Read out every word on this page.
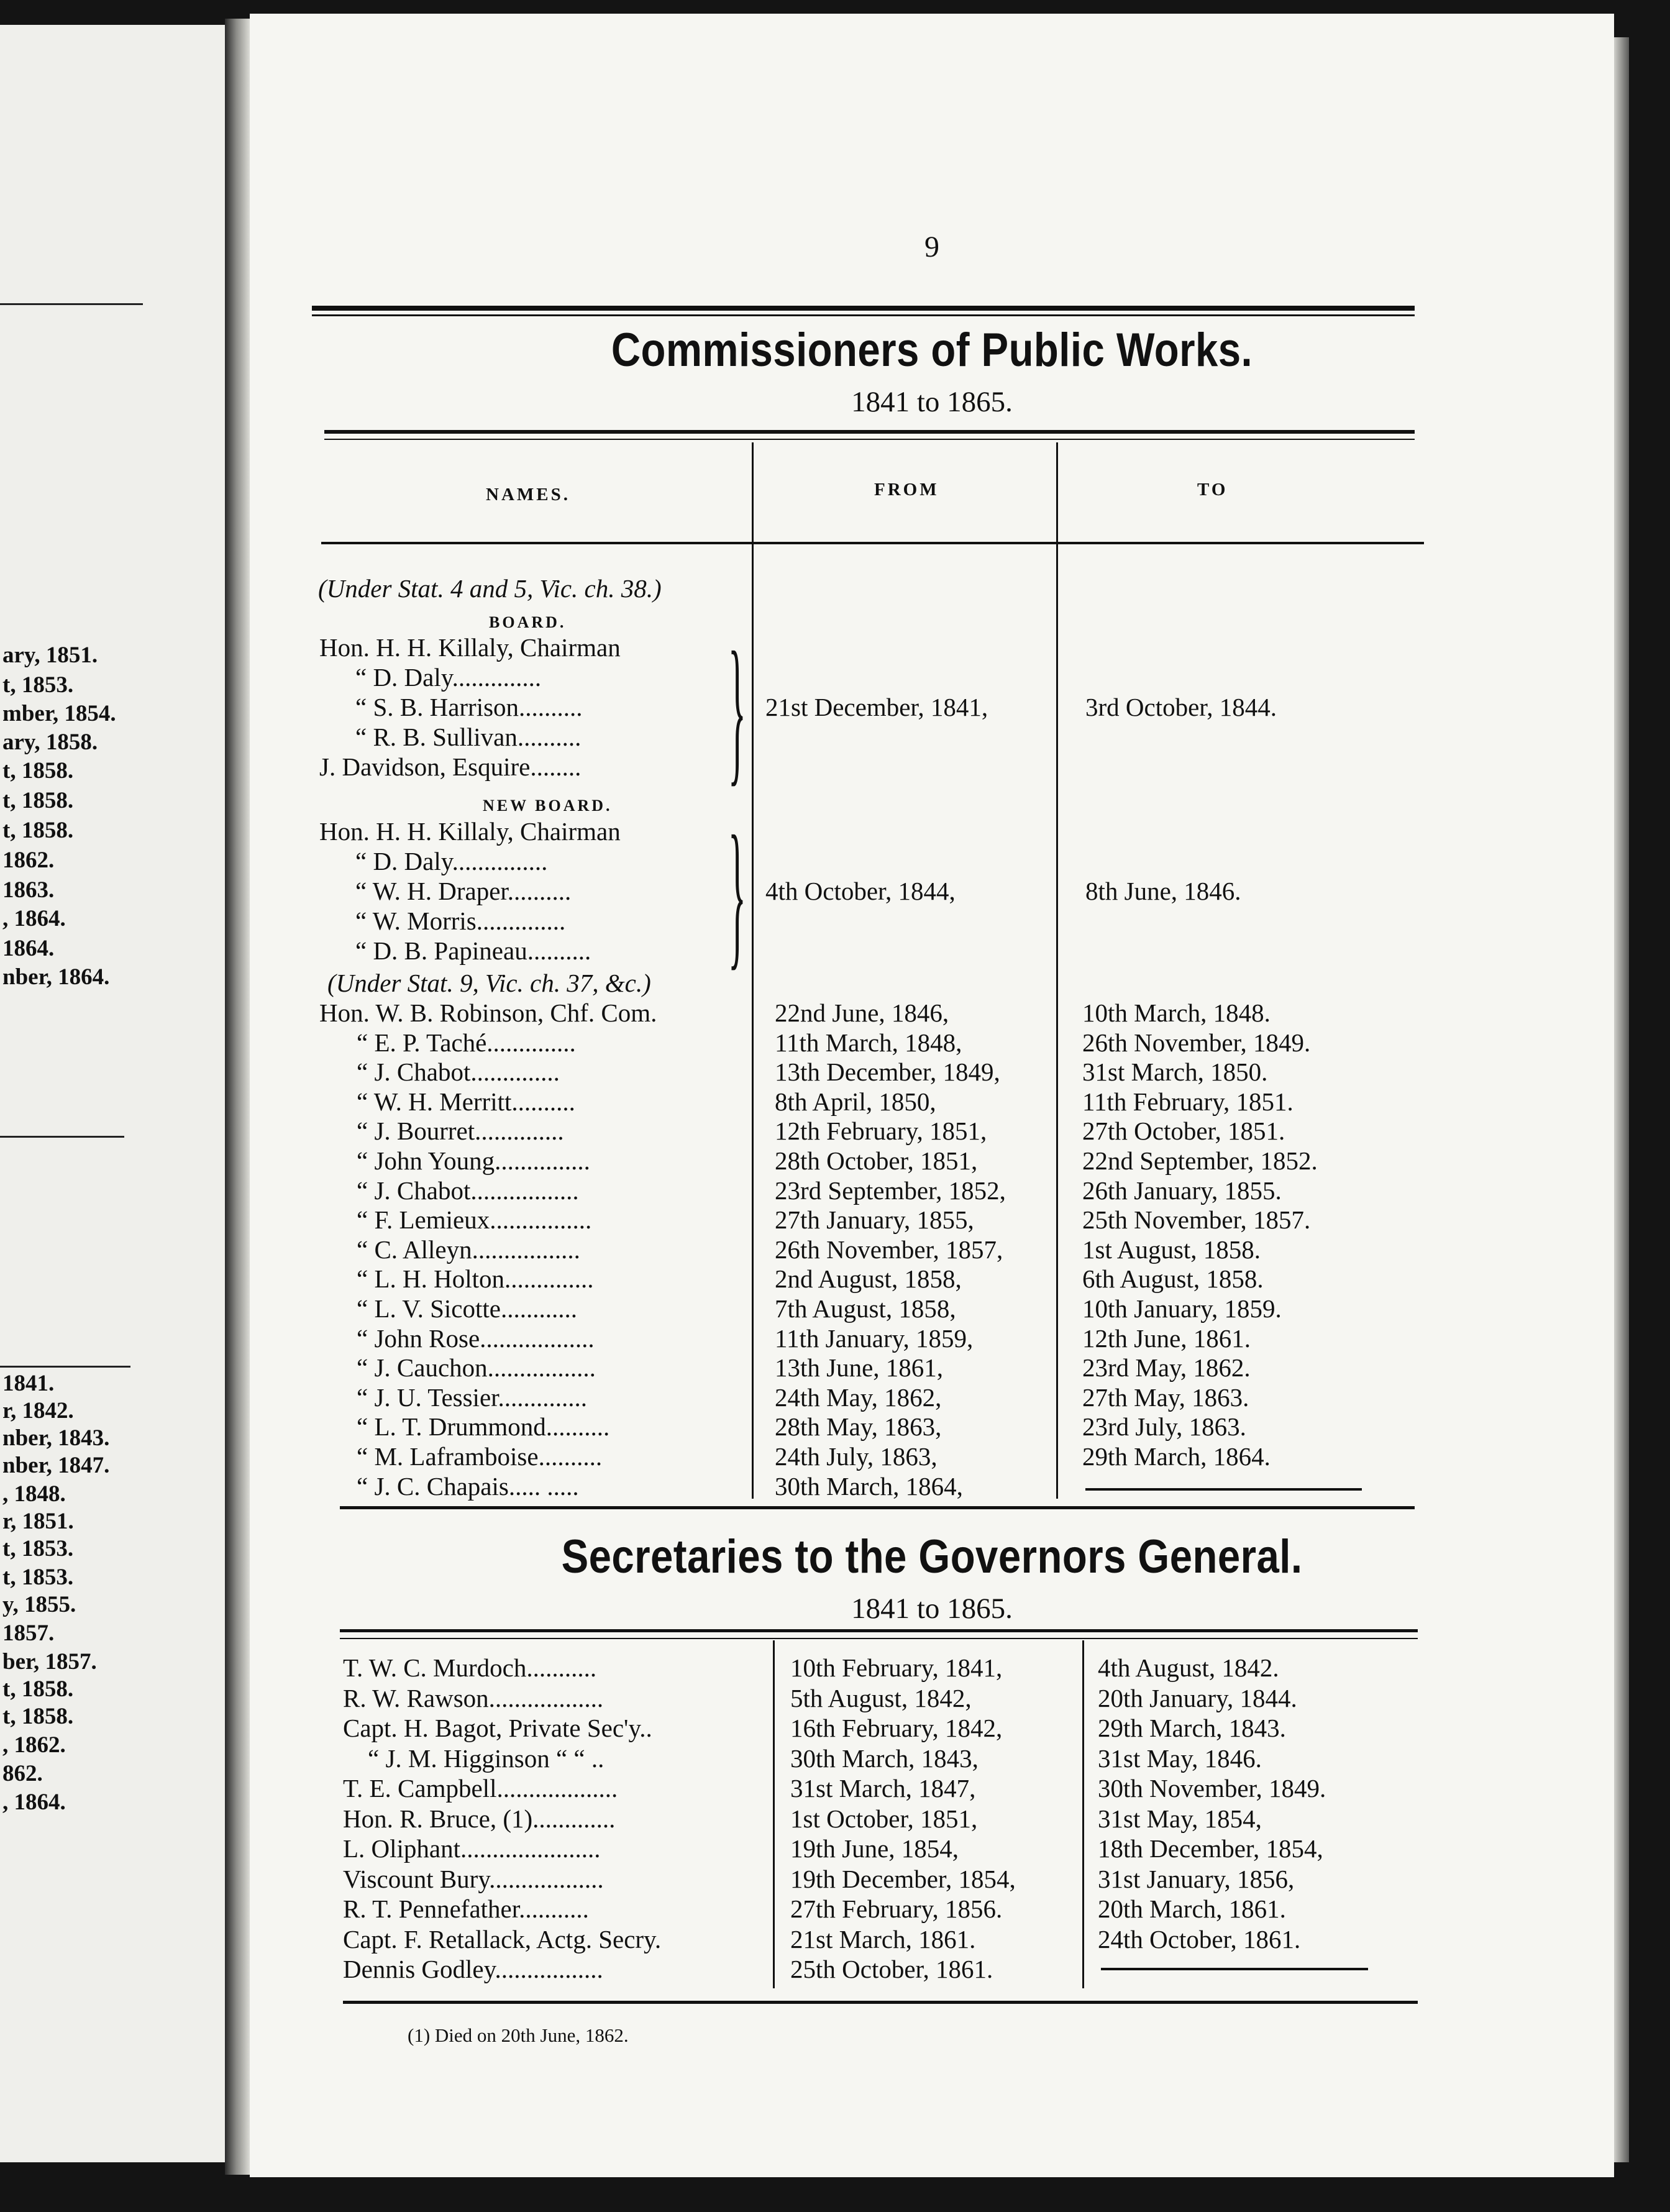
ary, 1851.
t, 1853.
mber, 1854.
ary, 1858.
t, 1858.
t, 1858.
t, 1858.
1862.
1863.
, 1864.
1864.
nber, 1864.
1841.
r, 1842.
nber, 1843.
nber, 1847.
, 1848.
r, 1851.
t, 1853.
t, 1853.
y, 1855.
1857.
ber, 1857.
t, 1858.
t, 1858.
, 1862.
862.
, 1864.
9
Commissioners of Public Works.
1841 to 1865.
NAMES.	FROM	TO
(Under Stat. 4 and 5, Vic. ch. 38.)
BOARD.
NEW BOARD.
(Under Stat. 9, Vic. ch. 37, &c.)
Secretaries to the Governors General.
1841 to 1865.
(1) Died on 20th June, 1862.
Hon. H. H. Killaly, Chairman
“ D. Daly..............
“ S. B. Harrison..........
“ R. B. Sullivan..........
J. Davidson, Esquire........	} 21st December, 1841,	3rd October, 1844.
Hon. H. H. Killaly, Chairman
“ D. Daly...............
“ W. H. Draper..........
“ W. Morris..............
“ D. B. Papineau..........	} 4th October, 1844,	8th June, 1846.
Hon. W. B. Robinson, Chf. Com.	22nd June, 1846,	10th March, 1848.
“ E. P. Taché..............	11th March, 1848,	26th November, 1849.
“ J. Chabot..............	13th December, 1849,	31st March, 1850.
“ W. H. Merritt..........	8th April, 1850,	11th February, 1851.
“ J. Bourret..............	12th February, 1851,	27th October, 1851.
“ John Young...............	28th October, 1851,	22nd September, 1852.
“ J. Chabot.................	23rd September, 1852,	26th January, 1855.
“ F. Lemieux................	27th January, 1855,	25th November, 1857.
“ C. Alleyn.................	26th November, 1857,	1st August, 1858.
“ L. H. Holton..............	2nd August, 1858,	6th August, 1858.
“ L. V. Sicotte............	7th August, 1858,	10th January, 1859.
“ John Rose..................	11th January, 1859,	12th June, 1861.
“ J. Cauchon.................	13th June, 1861,	23rd May, 1862.
“ J. U. Tessier..............	24th May, 1862,	27th May, 1863.
“ L. T. Drummond..........	28th May, 1863,	23rd July, 1863.
“ M. Laframboise..........	24th July, 1863,	29th March, 1864.
“ J. C. Chapais..... .....	30th March, 1864,
T. W. C. Murdoch...........	10th February, 1841,	4th August, 1842.
R. W. Rawson..................	5th August, 1842,	20th January, 1844.
Capt. H. Bagot, Private Sec'y..	16th February, 1842,	29th March, 1843.
“ J. M. Higginson “ “ ..	30th March, 1843,	31st May, 1846.
T. E. Campbell...................	31st March, 1847,	30th November, 1849.
Hon. R. Bruce, (1).............	1st October, 1851,	31st May, 1854,
L. Oliphant......................	19th June, 1854,	18th December, 1854,
Viscount Bury..................	19th December, 1854,	31st January, 1856,
R. T. Pennefather...........	27th February, 1856.	20th March, 1861.
Capt. F. Retallack, Actg. Secry.	21st March, 1861.	24th October, 1861.
Dennis Godley.................	25th October, 1861.
